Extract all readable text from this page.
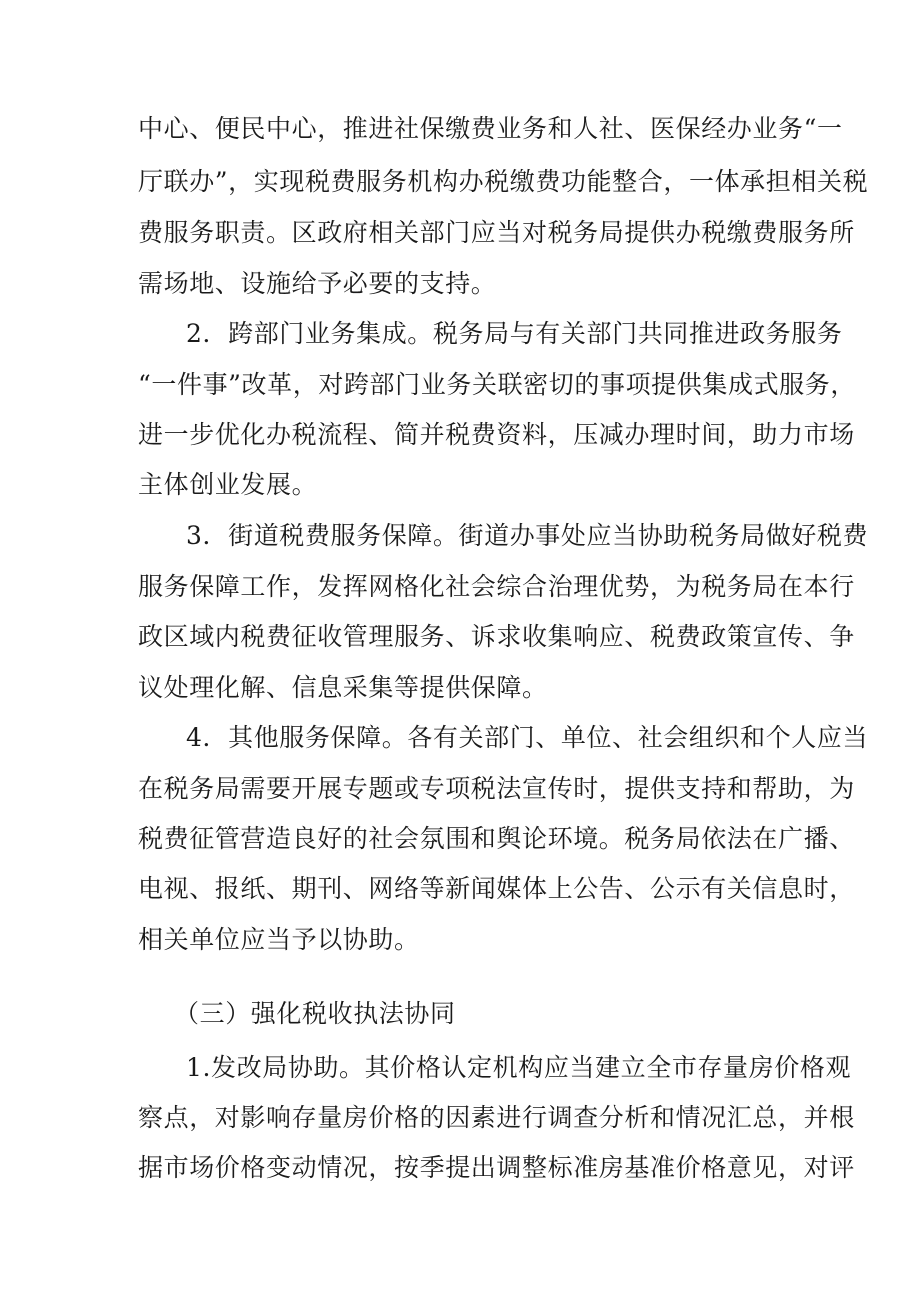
中心、便民中心，推进社保缴费业务和人社、医保经办业务“一

厅联办”，实现税费服务机构办税缴费功能整合，一体承担相关税

费服务职责。区政府相关部门应当对税务局提供办税缴费服务所

需场地、设施给予必要的支持。

2．跨部门业务集成。税务局与有关部门共同推进政务服务

“一件事”改革，对跨部门业务关联密切的事项提供集成式服务，

进一步优化办税流程、简并税费资料，压减办理时间，助力市场

主体创业发展。

3．街道税费服务保障。街道办事处应当协助税务局做好税费

服务保障工作，发挥网格化社会综合治理优势，为税务局在本行

政区域内税费征收管理服务、诉求收集响应、税费政策宣传、争

议处理化解、信息采集等提供保障。

4．其他服务保障。各有关部门、单位、社会组织和个人应当

在税务局需要开展专题或专项税法宣传时，提供支持和帮助，为

税费征管营造良好的社会氛围和舆论环境。税务局依法在广播、

电视、报纸、期刊、网络等新闻媒体上公告、公示有关信息时，

相关单位应当予以协助。

（三）强化税收执法协同

1.发改局协助。其价格认定机构应当建立全市存量房价格观

察点，对影响存量房价格的因素进行调查分析和情况汇总，并根

据市场价格变动情况，按季提出调整标准房基准价格意见，对评
